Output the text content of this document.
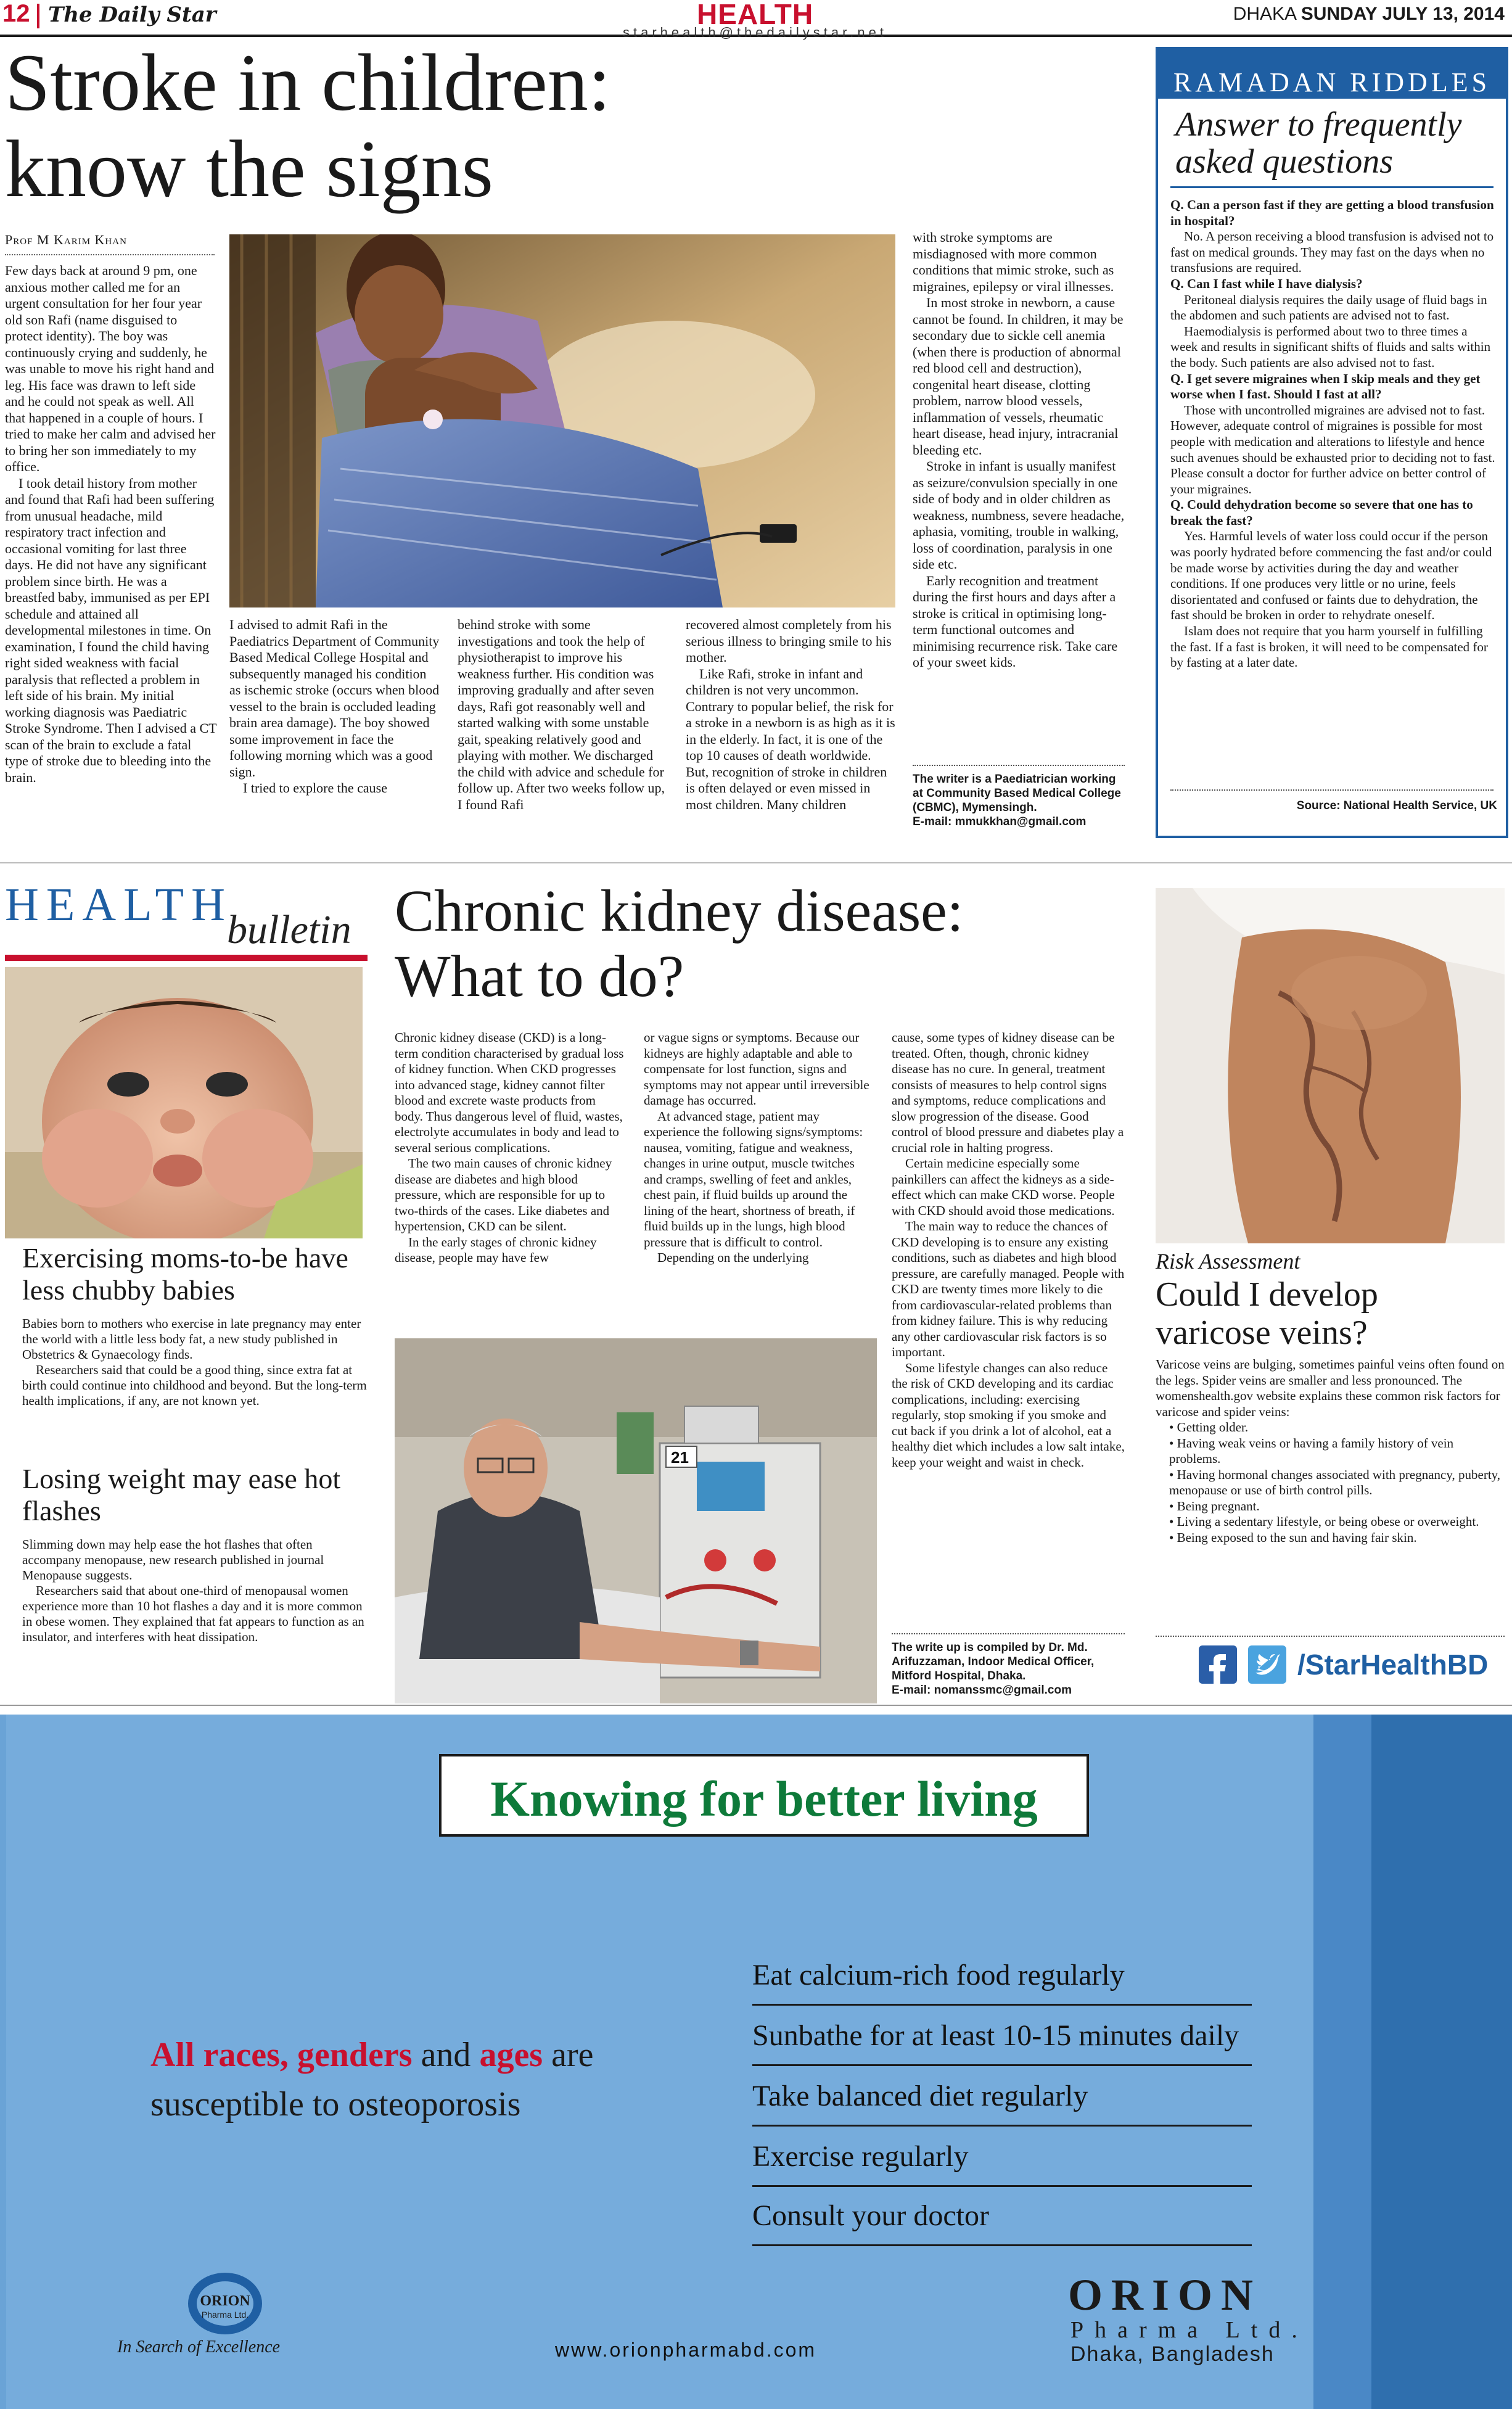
12 The Daily Star	HEALTH
starhealth@thedailystar.net
DHAKA SUNDAY JULY 13, 2014
Stroke in children:
know the signs
Prof M Karim Khan

Few days back at around 9 pm, one anxious mother called me for an urgent consultation for her four year old son Rafi (name disguised to protect identity). The boy was continuously crying and suddenly, he was unable to move his right hand and leg. His face was drawn to left side and he could not speak as well. All that happened in a couple of hours. I tried to make her calm and advised her to bring her son immediately to my office.

I took detail history from mother and found that Rafi had been suffering from unusual headache, mild respiratory tract infection and occasional vomiting for last three days. He did not have any significant problem since birth. He was a breastfed baby, immunised as per EPI schedule and attained all developmental milestones in time. On examination, I found the child having right sided weakness with facial paralysis that reflected a problem in left side of his brain. My initial working diagnosis was Paediatric Stroke Syndrome. Then I advised a CT scan of the brain to exclude a fatal type of stroke due to bleeding into the brain.

I advised to admit Rafi in the Paediatrics Department of Community Based Medical College Hospital and subsequently managed his condition as ischemic stroke (occurs when blood vessel to the brain is occluded leading brain area damage). The boy showed some improvement in face the following morning which was a good sign.

I tried to explore the cause

behind stroke with some investigations and took the help of physiotherapist to improve his weakness further. His condition was improving gradually and after seven days, Rafi got reasonably well and started walking with some unstable gait, speaking relatively good and playing with mother. We discharged the child with advice and schedule for follow up. After two weeks follow up, I found Rafi

recovered almost completely from his serious illness to bringing smile to his mother.

Like Rafi, stroke in infant and children is not very uncommon. Contrary to popular belief, the risk for a stroke in a newborn is as high as it is in the elderly. In fact, it is one of the top 10 causes of death worldwide. But, recognition of stroke in children is often delayed or even missed in most children. Many children

with stroke symptoms are misdiagnosed with more common conditions that mimic stroke, such as migraines, epilepsy or viral illnesses.

In most stroke in newborn, a cause cannot be found. In children, it may be secondary due to sickle cell anemia (when there is production of abnormal red blood cell and destruction), congenital heart disease, clotting problem, narrow blood vessels, inflammation of vessels, rheumatic heart disease, head injury, intracranial bleeding etc.

Stroke in infant is usually manifest as seizure/convulsion specially in one side of body and in older children as weakness, numbness, severe headache, aphasia, vomiting, trouble in walking, loss of coordination, paralysis in one side etc.

Early recognition and treatment during the first hours and days after a stroke is critical in optimising long-term functional outcomes and minimising recurrence risk. Take care of your sweet kids.

The writer is a Paediatrician working at Community Based Medical College (CBMC), Mymensingh.
E-mail: mmukkhan@gmail.com
RAMADAN RIDDLES
Answer to frequently asked questions
Q. Can a person fast if they are getting a blood transfusion in hospital?
No. A person receiving a blood transfusion is advised not to fast on medical grounds. They may fast on the days when no transfusions are required.
Q. Can I fast while I have dialysis?
Peritoneal dialysis requires the daily usage of fluid bags in the abdomen and such patients are advised not to fast.
Haemodialysis is performed about two to three times a week and results in significant shifts of fluids and salts within the body. Such patients are also advised not to fast.
Q. I get severe migraines when I skip meals and they get worse when I fast. Should I fast at all?
Those with uncontrolled migraines are advised not to fast. However, adequate control of migraines is possible for most people with medication and alterations to lifestyle and hence such avenues should be exhausted prior to deciding not to fast. Please consult a doctor for further advice on better control of your migraines.
Q. Could dehydration become so severe that one has to break the fast?
Yes. Harmful levels of water loss could occur if the person was poorly hydrated before commencing the fast and/or could be made worse by activities during the day and weather conditions. If one produces very little or no urine, feels disorientated and confused or faints due to dehydration, the fast should be broken in order to rehydrate oneself.
Islam does not require that you harm yourself in fulfilling the fast. If a fast is broken, it will need to be compensated for by fasting at a later date.
Source: National Health Service, UK
HEALTH
bulletin
Exercising moms-to-be have less chubby babies

Babies born to mothers who exercise in late pregnancy may enter the world with a little less body fat, a new study published in Obstetrics & Gynaecology finds.

Researchers said that could be a good thing, since extra fat at birth could continue into childhood and beyond. But the long-term health implications, if any, are not known yet.

Losing weight may ease hot flashes

Slimming down may help ease the hot flashes that often accompany menopause, new research published in journal Menopause suggests.

Researchers said that about one-third of menopausal women experience more than 10 hot flashes a day and it is more common in obese women. They explained that fat appears to function as an insulator, and interferes with heat dissipation.

Chronic kidney disease:
What to do?

Chronic kidney disease (CKD) is a long-term condition characterised by gradual loss of kidney function. When CKD progresses into advanced stage, kidney cannot filter blood and excrete waste products from body. Thus dangerous level of fluid, wastes, electrolyte accumulates in body and lead to several serious complications.

The two main causes of chronic kidney disease are diabetes and high blood pressure, which are responsible for up to two-thirds of the cases. Like diabetes and hypertension, CKD can be silent.

In the early stages of chronic kidney disease, people may have few

or vague signs or symptoms. Because our kidneys are highly adaptable and able to compensate for lost function, signs and symptoms may not appear until irreversible damage has occurred.

At advanced stage, patient may experience the following signs/symptoms: nausea, vomiting, fatigue and weakness, changes in urine output, muscle twitches and cramps, swelling of feet and ankles, chest pain, if fluid builds up around the lining of the heart, shortness of breath, if fluid builds up in the lungs, high blood pressure that is difficult to control.

Depending on the underlying

cause, some types of kidney disease can be treated. Often, though, chronic kidney disease has no cure. In general, treatment consists of measures to help control signs and symptoms, reduce complications and slow progression of the disease. Good control of blood pressure and diabetes play a crucial role in halting progress.

Certain medicine especially some painkillers can affect the kidneys as a side-effect which can make CKD worse. People with CKD should avoid those medications.

The main way to reduce the chances of CKD developing is to ensure any existing conditions, such as diabetes and high blood pressure, are carefully managed. People with CKD are twenty times more likely to die from cardiovascular-related problems than from kidney failure. This is why reducing any other cardiovascular risk factors is so important.

Some lifestyle changes can also reduce the risk of CKD developing and its cardiac complications, including: exercising regularly, stop smoking if you smoke and cut back if you drink a lot of alcohol, eat a healthy diet which includes a low salt intake, keep your weight and waist in check.

21
The write up is compiled by Dr. Md. Arifuzzaman, Indoor Medical Officer, Mitford Hospital, Dhaka.
E-mail: nomanssmc@gmail.com
Risk Assessment
Could I develop varicose veins?

Varicose veins are bulging, sometimes painful veins often found on the legs. Spider veins are smaller and less pronounced. The womenshealth.gov website explains these common risk factors for varicose and spider veins:

• Getting older.

• Having weak veins or having a family history of vein problems.

• Having hormonal changes associated with pregnancy, puberty, menopause or use of birth control pills.

• Being pregnant.

• Living a sedentary lifestyle, or being obese or overweight.

• Being exposed to the sun and having fair skin.

/StarHealthBD
Knowing for better living
All races, genders and ages are
susceptible to osteoporosis
Eat calcium-rich food regularly
Sunbathe for at least 10-15 minutes daily
Take balanced diet regularly
Exercise regularly
Consult your doctor
ORION
Pharma Ltd.
In Search of Excellence	www.orionpharmabd.com
ORION
Pharma Ltd.
Dhaka, Bangladesh
